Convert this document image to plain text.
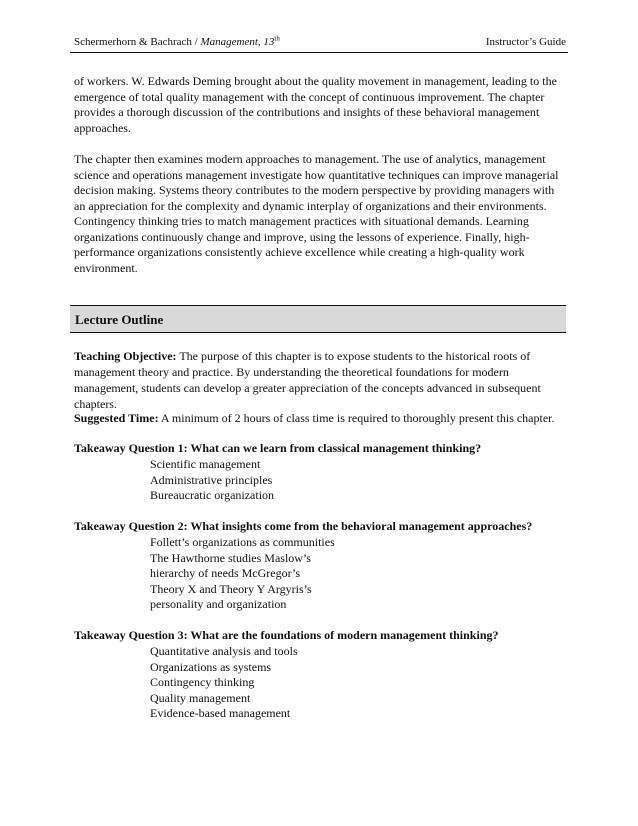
Schermerhorn & Bachrach / Management, 13th	Instructor’s Guide
of workers. W. Edwards Deming brought about the quality movement in management, leading to the emergence of total quality management with the concept of continuous improvement. The chapter provides a thorough discussion of the contributions and insights of these behavioral management approaches.
The chapter then examines modern approaches to management. The use of analytics, management science and operations management investigate how quantitative techniques can improve managerial decision making. Systems theory contributes to the modern perspective by providing managers with an appreciation for the complexity and dynamic interplay of organizations and their environments. Contingency thinking tries to match management practices with situational demands. Learning organizations continuously change and improve, using the lessons of experience. Finally, high-performance organizations consistently achieve excellence while creating a high-quality work environment.
Lecture Outline
Teaching Objective: The purpose of this chapter is to expose students to the historical roots of management theory and practice. By understanding the theoretical foundations for modern management, students can develop a greater appreciation of the concepts advanced in subsequent chapters.
Suggested Time: A minimum of 2 hours of class time is required to thoroughly present this chapter.
Takeaway Question 1: What can we learn from classical management thinking?
Scientific management
Administrative principles
Bureaucratic organization
Takeaway Question 2: What insights come from the behavioral management approaches?
Follett’s organizations as communities
The Hawthorne studies Maslow’s
hierarchy of needs McGregor’s
Theory X and Theory Y Argyris’s
personality and organization
Takeaway Question 3: What are the foundations of modern management thinking?
Quantitative analysis and tools
Organizations as systems
Contingency thinking
Quality management
Evidence-based management
